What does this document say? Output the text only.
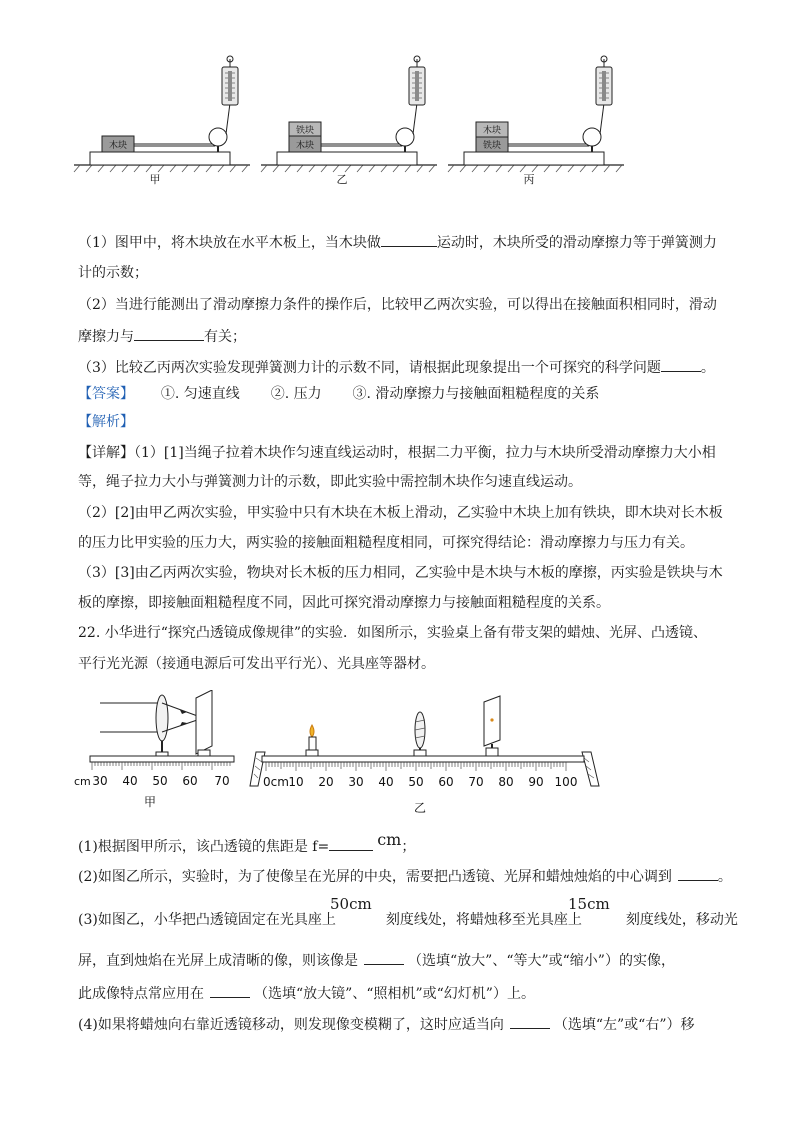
木块
甲
铁块
木块
乙
木块
铁块
丙
（1）图甲中，将木块放在水平木板上，当木块做	运动时，木块所受的滑动摩擦力等于弹簧测力
计的示数；
（2）当进行能测出了滑动摩擦力条件的操作后，比较甲乙两次实验，可以得出在接触面积相同时，滑动
摩擦力与	有关；
（3）比较乙丙两次实验发现弹簧测力计的示数不同，请根据此现象提出一个可探究的科学问题	。
【答案】 ①. 匀速直线 ②. 压力 ③. 滑动摩擦力与接触面粗糙程度的关系
【解析】
【详解】（1）[1]当绳子拉着木块作匀速直线运动时，根据二力平衡，拉力与木块所受滑动摩擦力大小相
等，绳子拉力大小与弹簧测力计的示数，即此实验中需控制木块作匀速直线运动。
（2）[2]由甲乙两次实验，甲实验中只有木块在木板上滑动，乙实验中木块上加有铁块，即木块对长木板
的压力比甲实验的压力大，两实验的接触面粗糙程度相同，可探究得结论：滑动摩擦力与压力有关。
（3）[3]由乙丙两次实验，物块对长木板的压力相同，乙实验中是木块与木板的摩擦，丙实验是铁块与木
板的摩擦，即接触面粗糙程度不同，因此可探究滑动摩擦力与接触面粗糙程度的关系。
22. 小华进行“探究凸透镜成像规律”的实验．如图所示，实验桌上备有带支架的蜡烛、光屏、凸透镜、
平行光光源（接通电源后可发出平行光）、光具座等器材。
cm 30 40 50 60 70
甲
0cm 10 20 30 40 50 60 70 80 90 100
乙
(1)根据图甲所示，该凸透镜的焦距是 f=	cm；
(2)如图乙所示，实验时，为了使像呈在光屏的中央，需要把凸透镜、光屏和蜡烛烛焰的中心调到	。
50cm	15cm
(3)如图乙，小华把凸透镜固定在光具座上	刻度线处，将蜡烛移至光具座上	刻度线处，移动光
屏，直到烛焰在光屏上成清晰的像，则该像是	（选填“放大”、“等大”或“缩小”）的实像，
此成像特点常应用在	（选填“放大镜”、“照相机”或“幻灯机”）上。
(4)如果将蜡烛向右靠近透镜移动，则发现像变模糊了，这时应适当向	（选填“左”或“右”）移
